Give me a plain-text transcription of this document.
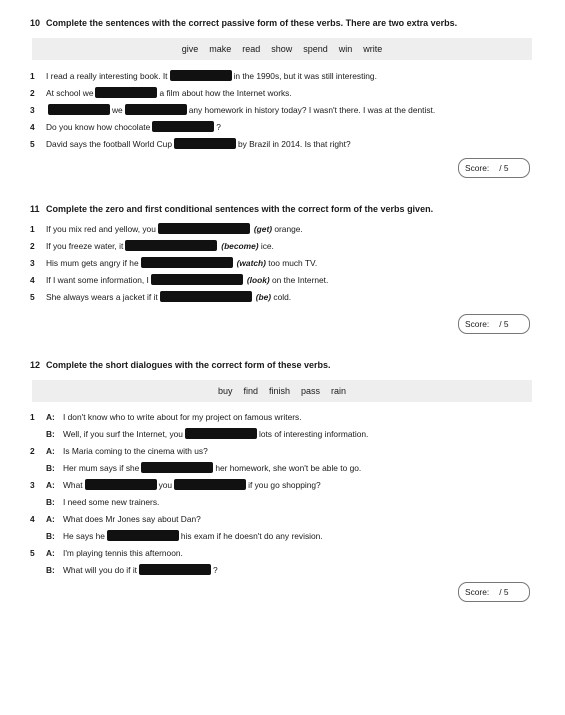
10 Complete the sentences with the correct passive form of these verbs. There are two extra verbs.
give make read show spend win write
1	I read a really interesting book. It	in the 1990s, but it was still interesting.
2	At school we	a film about how the Internet works.
3	we	any homework in history today? I wasn't there. I was at the dentist.
4	Do you know how chocolate	?
5	David says the football World Cup	by Brazil in 2014. Is that right?
Score: / 5
11 Complete the zero and first conditional sentences with the correct form of the verbs given.
1	If you mix red and yellow, you	(get)
orange.
2	If you freeze water, it	(become)
ice.
3	His mum gets angry if he	(watch)
too much TV.
4	If I want some information, I	(look)
on the Internet.
5	She always wears a jacket if it	(be)
cold.
Score: / 5
12 Complete the short dialogues with the correct form of these verbs.
buy find finish pass rain
1	A: I don't know who to write about for my project on famous writers.
B: Well, if you surf the Internet, you	lots of interesting information.
2	A: Is Maria coming to the cinema with us?
B: Her mum says if she	her homework, she won't be able to go.
3	A: What	you	if you go shopping?
B: I need some new trainers.
4	A: What does Mr Jones say about Dan?
B: He says he	his exam if he doesn't do any revision.
5	A: I'm playing tennis this afternoon.
B: What will you do if it	?
Score: / 5
